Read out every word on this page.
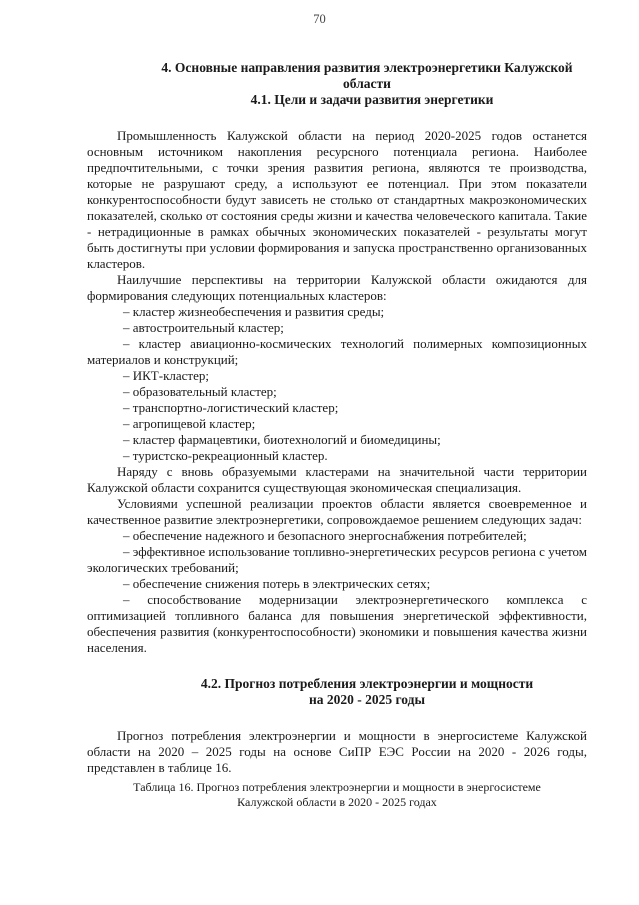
70

4. Основные направления развития электроэнергетики Калужской

области

4.1. Цели и задачи развития энергетики

Промышленность Калужской области на период 2020-2025 годов останется основным источником накопления ресурсного потенциала региона. Наиболее предпочтительными, с точки зрения развития региона, являются те производства, которые не разрушают среду, а используют ее потенциал. При этом показатели конкурентоспособности будут зависеть не столько от стандартных макроэкономических показателей, сколько от состояния среды жизни и качества человеческого капитала. Такие - нетрадиционные в рамках обычных экономических показателей - результаты могут быть достигнуты при условии формирования и запуска пространственно организованных кластеров.

Наилучшие перспективы на территории Калужской области ожидаются для формирования следующих потенциальных кластеров:

– кластер жизнеобеспечения и развития среды;

– автостроительный кластер;

– кластер авиационно-космических технологий полимерных композиционных материалов и конструкций;

– ИКТ-кластер;

– образовательный кластер;

– транспортно-логистический кластер;

– агропищевой кластер;

– кластер фармацевтики, биотехнологий и биомедицины;

– туристско-рекреационный кластер.

Наряду с вновь образуемыми кластерами на значительной части территории Калужской области сохранится существующая экономическая специализация.

Условиями успешной реализации проектов области является своевременное и качественное развитие электроэнергетики, сопровождаемое решением следующих задач:

– обеспечение надежного и безопасного энергоснабжения потребителей;

– эффективное использование топливно-энергетических ресурсов региона с учетом экологических требований;

– обеспечение снижения потерь в электрических сетях;

– способствование модернизации электроэнергетического комплекса с оптимизацией топливного баланса для повышения энергетической эффективности, обеспечения развития (конкурентоспособности) экономики и повышения качества жизни населения.

4.2. Прогноз потребления электроэнергии и мощности

на 2020 - 2025 годы

Прогноз потребления электроэнергии и мощности в энергосистеме Калужской области на 2020 – 2025 годы на основе СиПР ЕЭС России на 2020 - 2026 годы, представлен в таблице 16.

Таблица 16. Прогноз потребления электроэнергии и мощности в энергосистеме

Калужской области в 2020 - 2025 годах
